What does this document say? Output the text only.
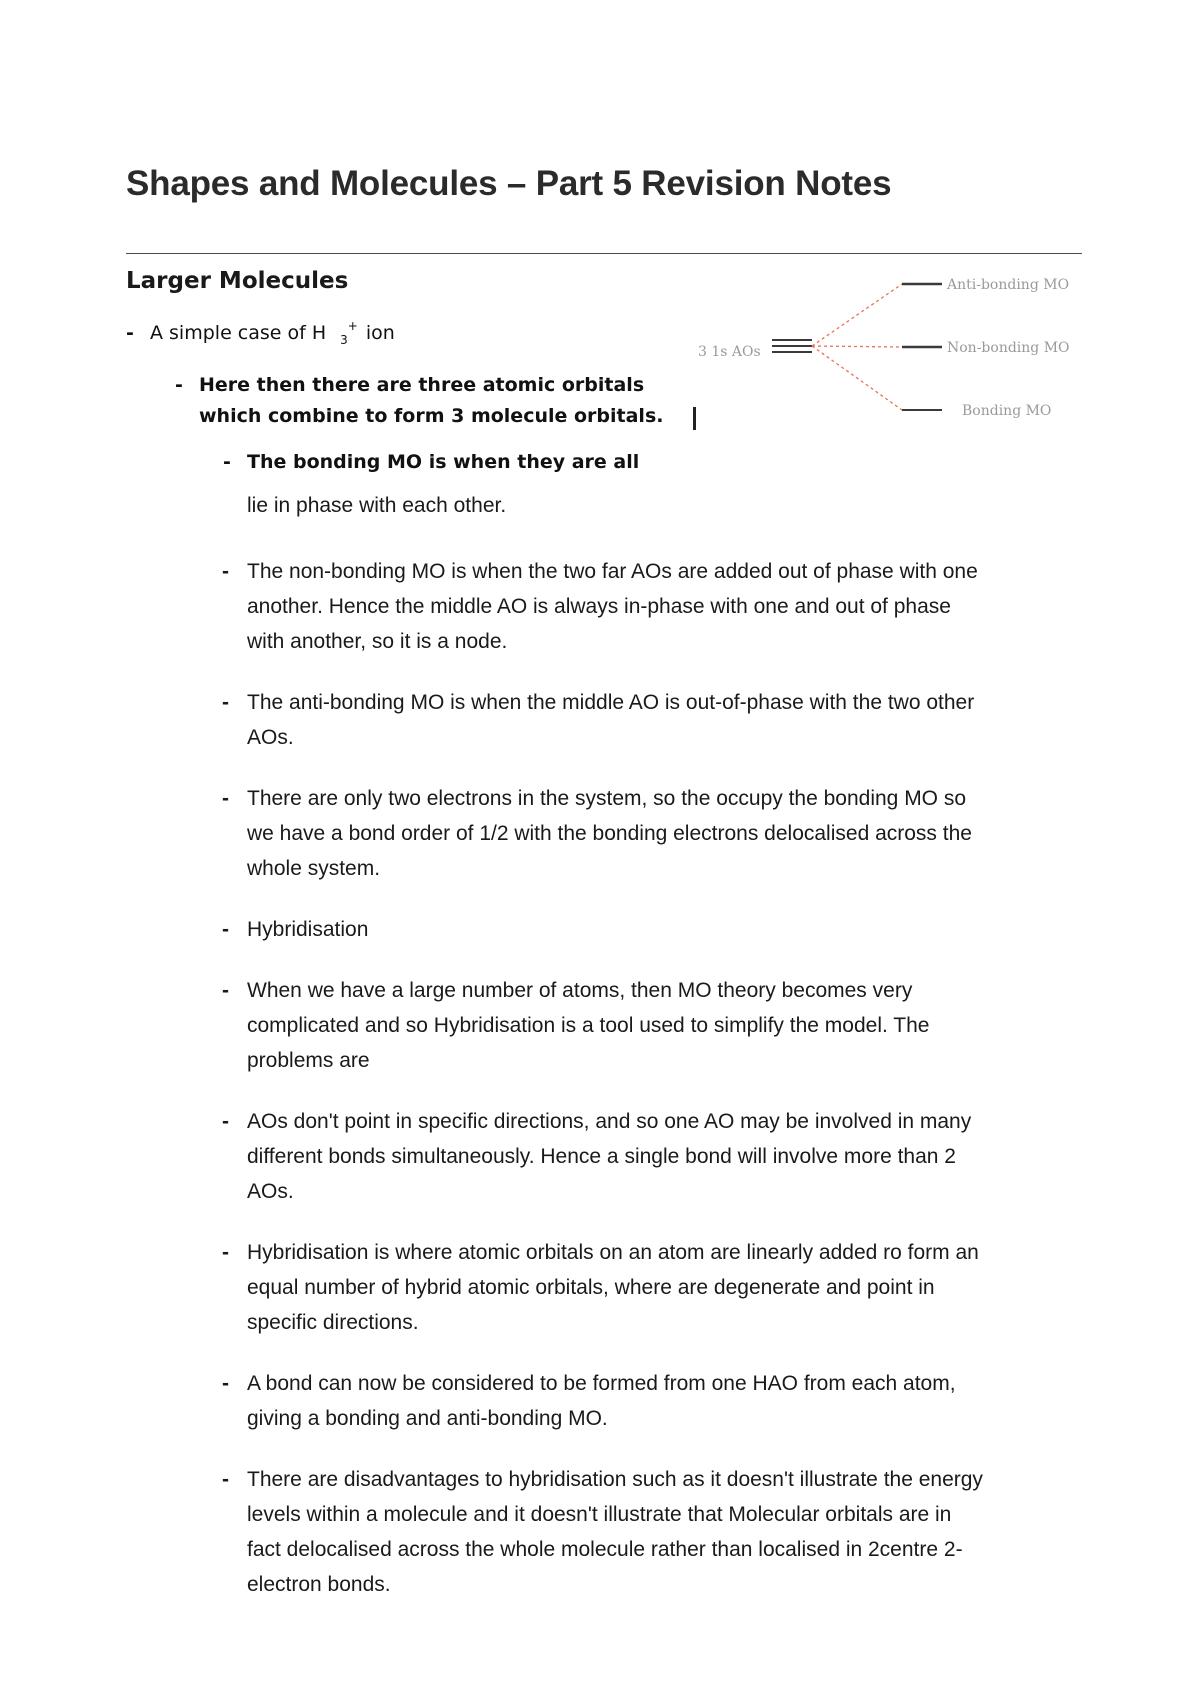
Shapes and Molecules – Part 5 Revision Notes
Larger Molecules
- A simple case of H $_3$+ ion
- Here then there are three atomic orbitals
which combine to form 3 molecule orbitals.
- The bonding MO is when they are all

lie in phase with each other.

3 1s AOs
Anti-bonding MO
Non-bonding MO
Bonding MO
- The non-bonding MO is when the two far AOs are added out of phase with one
another. Hence the middle AO is always in-phase with one and out of phase
with another, so it is a node.
- The anti-bonding MO is when the middle AO is out-of-phase with the two other
AOs.
- There are only two electrons in the system, so the occupy the bonding MO so
we have a bond order of 1/2 with the bonding electrons delocalised across the
whole system.
- Hybridisation
- When we have a large number of atoms, then MO theory becomes very
complicated and so Hybridisation is a tool used to simplify the model. The
problems are
- AOs don't point in specific directions, and so one AO may be involved in many
different bonds simultaneously. Hence a single bond will involve more than 2
AOs.
- Hybridisation is where atomic orbitals on an atom are linearly added ro form an
equal number of hybrid atomic orbitals, where are degenerate and point in
specific directions.
- A bond can now be considered to be formed from one HAO from each atom,
giving a bonding and anti-bonding MO.
- There are disadvantages to hybridisation such as it doesn't illustrate the energy
levels within a molecule and it doesn't illustrate that Molecular orbitals are in
fact delocalised across the whole molecule rather than localised in 2centre 2-
electron bonds.
